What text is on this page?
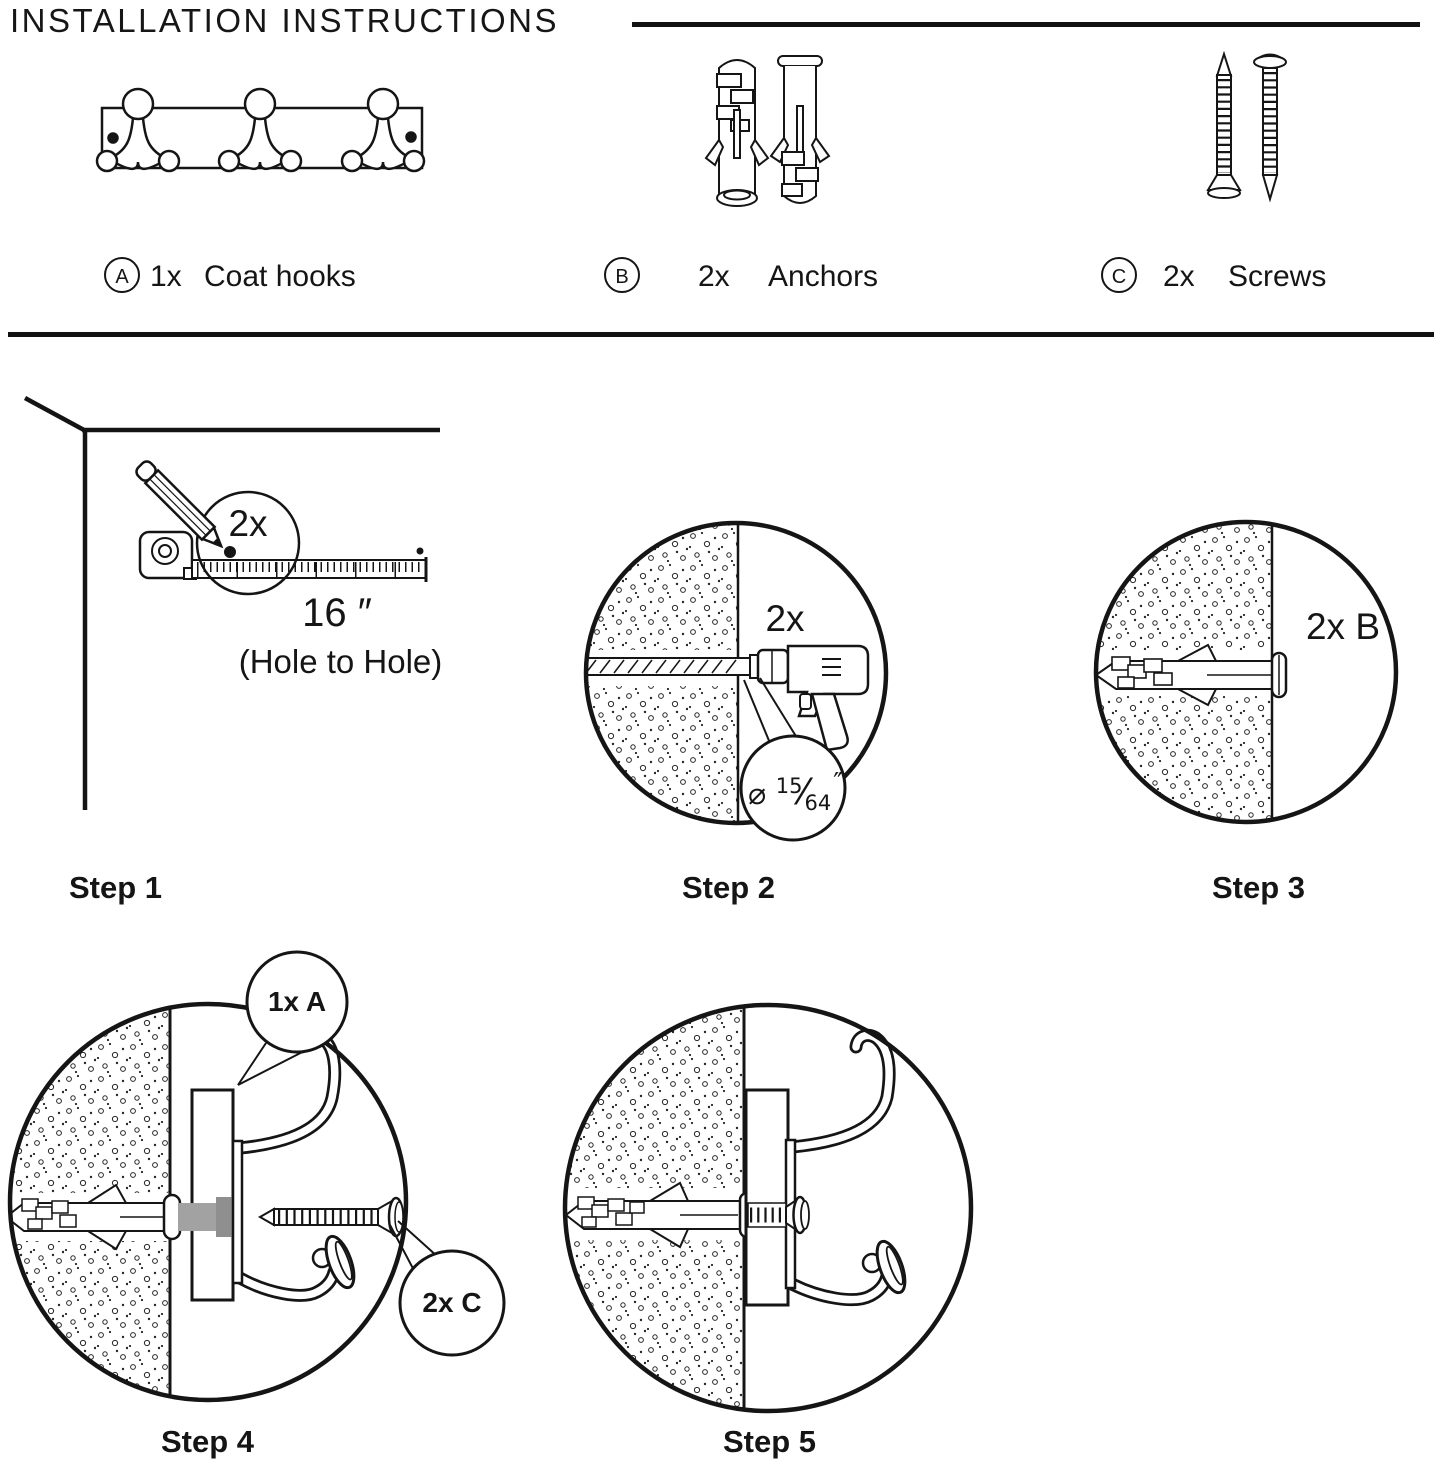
INSTALLATION INSTRUCTIONS
A 1x Coat hooks	B	2x Anchors	C	2x Screws
2x
16 ″
(Hole to Hole)
2x
⌀ $^{15}⁄_{64}''$
2x B
1x A
2x C
Step 1	Step 2	Step 3
Step 4	Step 5
